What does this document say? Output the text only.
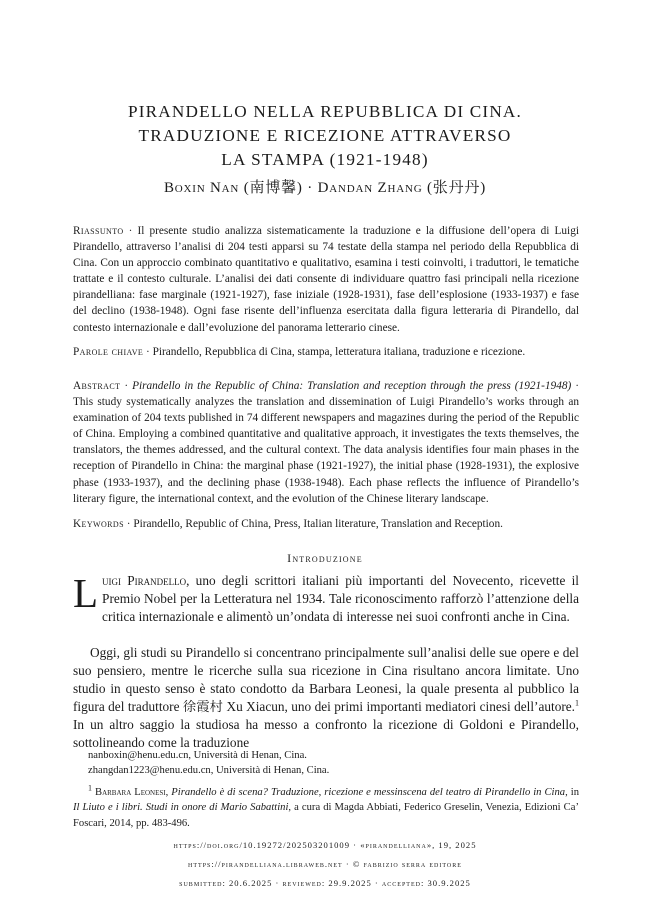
PIRANDELLO NELLA REPUBBLICA DI CINA.
TRADUZIONE E RICEZIONE ATTRAVERSO
LA STAMPA (1921-1948)
Boxin Nan (南博馨) · Dandan Zhang (张丹丹)

Riassunto · Il presente studio analizza sistematicamente la traduzione e la diffusione dell’opera di Luigi Pirandello, attraverso l’analisi di 204 testi apparsi su 74 testate della stampa nel periodo della Repubblica di Cina. Con un approccio combinato quantitativo e qualitativo, esamina i testi coinvolti, i traduttori, le tematiche trattate e il contesto culturale. L’analisi dei dati consente di individuare quattro fasi principali nella ricezione pirandelliana: fase marginale (1921-1927), fase iniziale (1928-1931), fase dell’esplosione (1933-1937) e fase del declino (1938-1948). Ogni fase risente dell’influenza esercitata dalla figura letteraria di Pirandello, dal contesto internazionale e dall’evoluzione del panorama letterario cinese.

Parole chiave · Pirandello, Repubblica di Cina, stampa, letteratura italiana, traduzione e ricezione.

Abstract · Pirandello in the Republic of China: Translation and reception through the press (1921-1948) · This study systematically analyzes the translation and dissemination of Luigi Pirandello’s works through an examination of 204 texts published in 74 different newspapers and magazines during the period of the Republic of China. Employing a combined quantitative and qualitative approach, it investigates the texts themselves, the translators, the themes addressed, and the cultural context. The data analysis identifies four main phases in the reception of Pirandello in China: the marginal phase (1921-1927), the initial phase (1928-1931), the explosive phase (1933-1937), and the declining phase (1938-1948). Each phase reflects the influence of Pirandello’s literary figure, the international context, and the evolution of the Chinese literary landscape.

Keywords · Pirandello, Republic of China, Press, Italian literature, Translation and Reception.

Introduzione

Luigi Pirandello, uno degli scrittori italiani più importanti del Novecento, ricevette il Premio Nobel per la Letteratura nel 1934. Tale riconoscimento rafforzò l’attenzione della critica internazionale e alimentò un’ondata di interesse nei suoi confronti anche in Cina.

Oggi, gli studi su Pirandello si concentrano principalmente sull’analisi delle sue opere e del suo pensiero, mentre le ricerche sulla sua ricezione in Cina risultano ancora limitate. Uno studio in questo senso è stato condotto da Barbara Leonesi, la quale presenta al pubblico la figura del traduttore 徐霞村 Xu Xiacun, uno dei primi importanti mediatori cinesi dell’autore.$^1$ In un altro saggio la studiosa ha messo a confronto la ricezione di Goldoni e Pirandello, sottolineando come la traduzione

nanboxin@henu.edu.cn, Università di Henan, Cina.
zhangdan1223@henu.edu.cn, Università di Henan, Cina.

$^1$ Barbara Leonesi, Pirandello è di scena? Traduzione, ricezione e messinscena del teatro di Pirandello in Cina, in Il Liuto e i libri. Studi in onore di Mario Sabattini, a cura di Magda Abbiati, Federico Greselin, Venezia, Edizioni Ca’ Foscari, 2014, pp. 483-496.

https://doi.org/10.19272/202503201009 · «pirandelliana», 19, 2025
https://pirandelliana.libraweb.net · © fabrizio serra editore
submitted: 20.6.2025 · reviewed: 29.9.2025 · accepted: 30.9.2025
